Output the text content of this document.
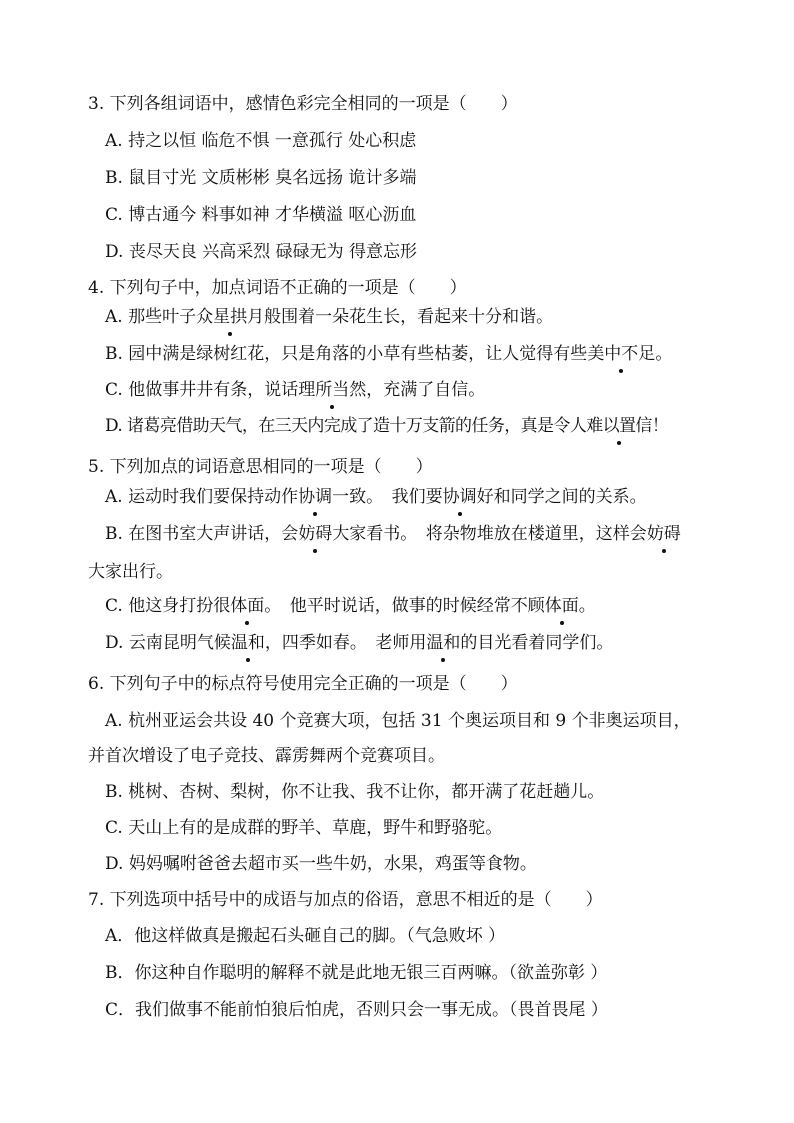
3. 下列各组词语中，感情色彩完全相同的一项是（　　）
A. 持之以恒 临危不惧 一意孤行 处心积虑
B. 鼠目寸光 文质彬彬 臭名远扬 诡计多端
C. 博古通今 料事如神 才华横溢 呕心沥血
D. 丧尽天良 兴高采烈 碌碌无为 得意忘形
4. 下列句子中，加点词语不正确的一项是（　　）
A. 那些叶子众星拱月般围着一朵花生长，看起来十分和谐。
B. 园中满是绿树红花，只是角落的小草有些枯萎，让人觉得有些美中不足。
C. 他做事井井有条，说话理所当然，充满了自信。
D. 诸葛亮借助天气，在三天内完成了造十万支箭的任务，真是令人难以置信！
5. 下列加点的词语意思相同的一项是（　　）
A. 运动时我们要保持动作协调一致。　我们要协调好和同学之间的关系。
B. 在图书室大声讲话，会妨碍大家看书。　将杂物堆放在楼道里，这样会妨碍
大家出行。
C. 他这身打扮很体面。　他平时说话，做事的时候经常不顾体面。
D. 云南昆明气候温和，四季如春。　老师用温和的目光看着同学们。
6. 下列句子中的标点符号使用完全正确的一项是（　　）
A. 杭州亚运会共设 40 个竞赛大项，包括 31 个奥运项目和 9 个非奥运项目，
并首次增设了电子竞技、霹雳舞两个竞赛项目。
B. 桃树、杏树、梨树，你不让我、我不让你，都开满了花赶趟儿。
C. 天山上有的是成群的野羊、草鹿，野牛和野骆驼。
D. 妈妈嘱咐爸爸去超市买一些牛奶，水果，鸡蛋等食物。
7. 下列选项中括号中的成语与加点的俗语，意思不相近的是（　　）
A．他这样做真是搬起石头砸自己的脚。（气急败坏 ）
B．你这种自作聪明的解释不就是此地无银三百两嘛。（欲盖弥彰 ）
C．我们做事不能前怕狼后怕虎，否则只会一事无成。（畏首畏尾 ）
